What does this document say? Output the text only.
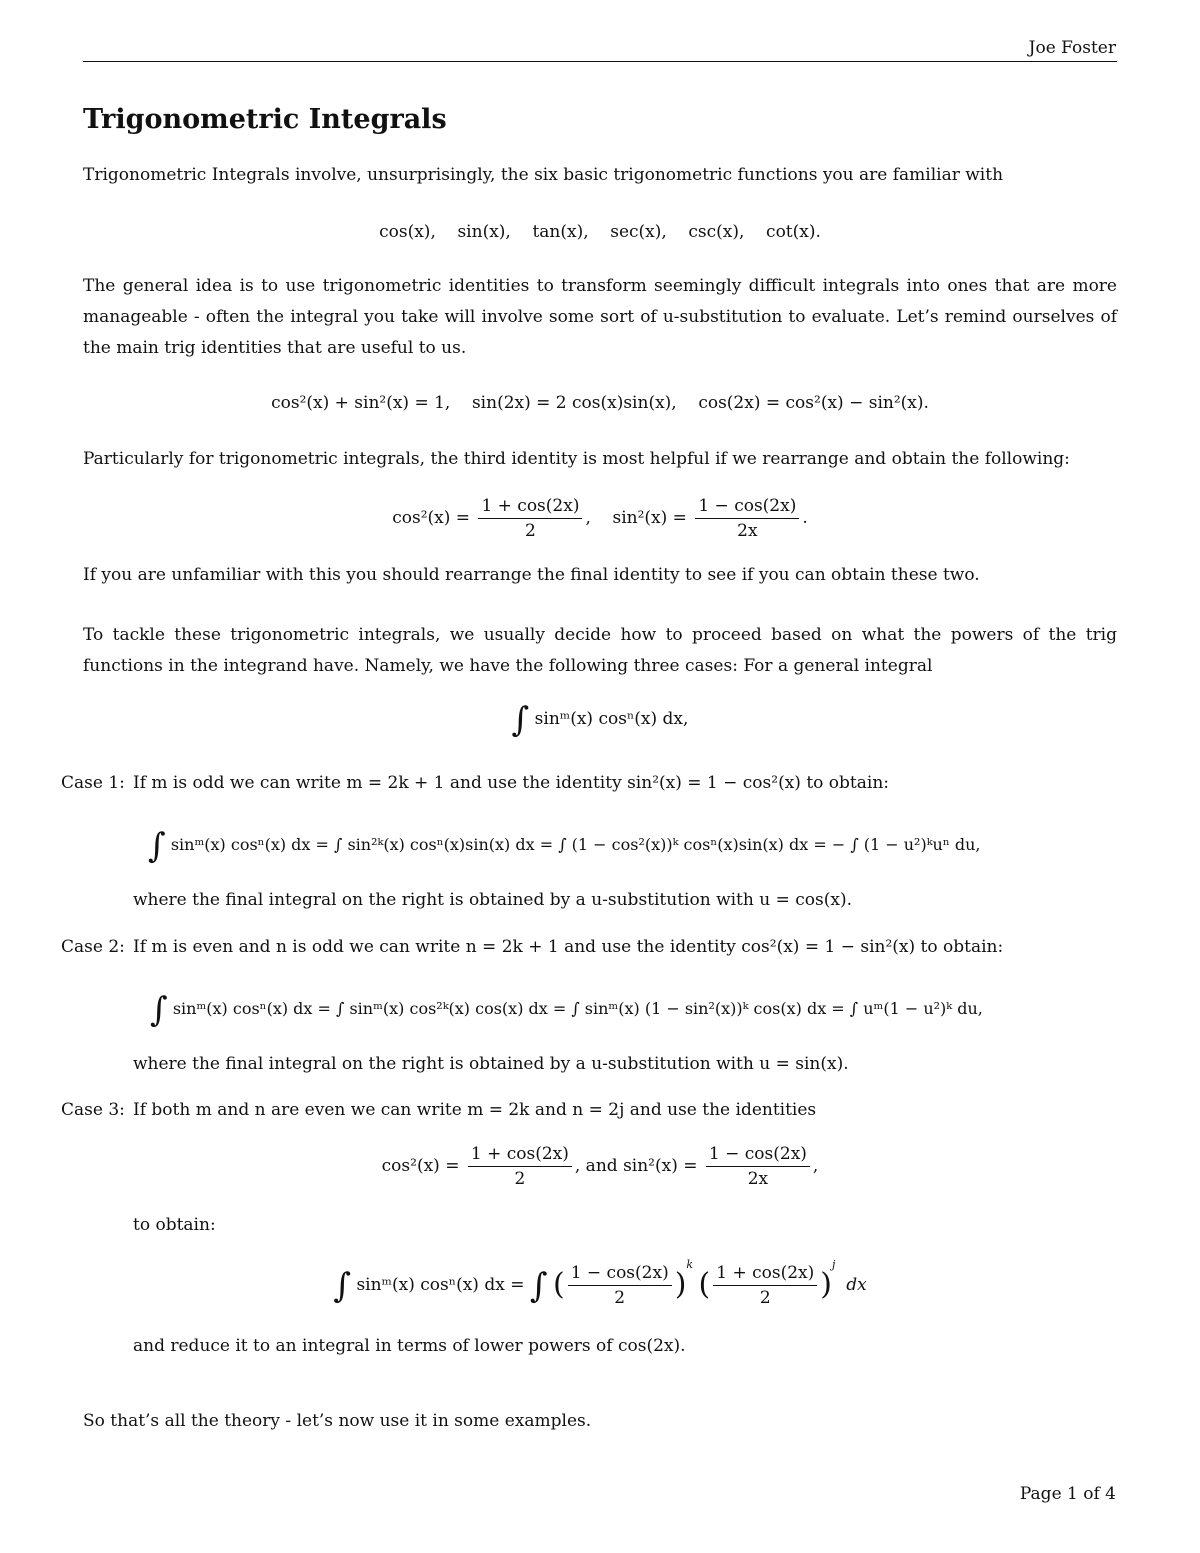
Joe Foster
Trigonometric Integrals
Trigonometric Integrals involve, unsurprisingly, the six basic trigonometric functions you are familiar with
cos(x),    sin(x),    tan(x),    sec(x),    csc(x),    cot(x).
The general idea is to use trigonometric identities to transform seemingly difficult integrals into ones that are more manageable - often the integral you take will involve some sort of u-substitution to evaluate. Let’s remind ourselves of the main trig identities that are useful to us.
cos²(x) + sin²(x) = 1,    sin(2x) = 2 cos(x)sin(x),    cos(2x) = cos²(x) − sin²(x).
Particularly for trigonometric integrals, the third identity is most helpful if we rearrange and obtain the following:
$\cos^2(x) = \frac{1 + \cos(2x)}{2}$ ,    $\sin^2(x) = \frac{1 - \cos(2x)}{2x}$ .
If you are unfamiliar with this you should rearrange the final identity to see if you can obtain these two.
To tackle these trigonometric integrals, we usually decide how to proceed based on what the powers of the trig functions in the integrand have. Namely, we have the following three cases: For a general integral
∫ sinᵐ(x) cosⁿ(x) dx,
Case 1: If m is odd we can write m = 2k + 1 and use the identity sin²(x) = 1 − cos²(x) to obtain:
∫ sinᵐ(x) cosⁿ(x) dx = ∫ sin²ᵏ(x) cosⁿ(x)sin(x) dx = ∫ (1 − cos²(x))ᵏ cosⁿ(x)sin(x) dx = − ∫ (1 − u²)ᵏuⁿ du,
where the final integral on the right is obtained by a u-substitution with u = cos(x).
Case 2: If m is even and n is odd we can write n = 2k + 1 and use the identity cos²(x) = 1 − sin²(x) to obtain:
∫ sinᵐ(x) cosⁿ(x) dx = ∫ sinᵐ(x) cos²ᵏ(x) cos(x) dx = ∫ sinᵐ(x) (1 − sin²(x))ᵏ cos(x) dx = ∫ uᵐ(1 − u²)ᵏ du,
where the final integral on the right is obtained by a u-substitution with u = sin(x).
Case 3: If both m and n are even we can write m = 2k and n = 2j and use the identities
$\cos^2(x) = \frac{1 + \cos(2x)}{2}$ , and $\sin^2(x) = \frac{1 - \cos(2x)}{2x}$ ,
to obtain:
∫ sinᵐ(x) cosⁿ(x) dx = ∫ ( $\frac{1 - \cos(2x)}{2} )^k$ ( $\frac{1 + \cos(2x)}{2} )^j$  dx
and reduce it to an integral in terms of lower powers of cos(2x).
So that’s all the theory - let’s now use it in some examples.
Page 1 of 4
